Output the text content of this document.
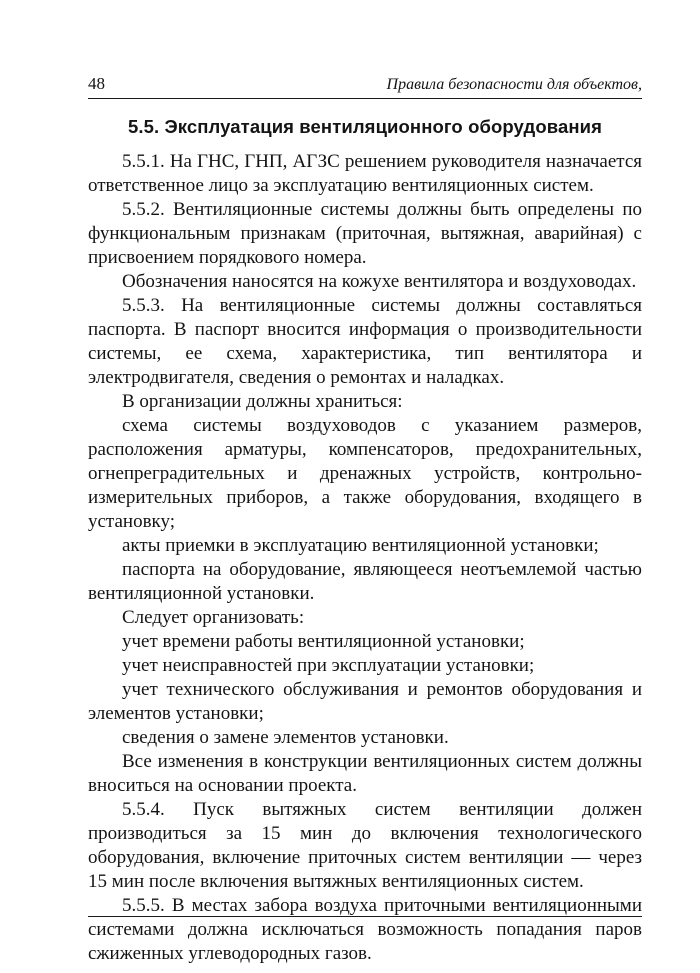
48	Правила безопасности для объектов,
5.5. Эксплуатация вентиляционного оборудования

5.5.1. На ГНС, ГНП, АГЗС решением руководителя назначается ответственное лицо за эксплуатацию вентиляционных систем.

5.5.2. Вентиляционные системы должны быть определены по функциональным признакам (приточная, вытяжная, аварийная) с присвоением порядкового номера.

Обозначения наносятся на кожухе вентилятора и воздуховодах.

5.5.3. На вентиляционные системы должны составляться паспорта. В паспорт вносится информация о производительности системы, ее схема, характеристика, тип вентилятора и электродвигателя, сведения о ремонтах и наладках.

В организации должны храниться:

схема системы воздуховодов с указанием размеров, расположения арматуры, компенсаторов, предохранительных, огнепреградительных и дренажных устройств, контрольно-измерительных приборов, а также оборудования, входящего в установку;

акты приемки в эксплуатацию вентиляционной установки;

паспорта на оборудование, являющееся неотъемлемой частью вентиляционной установки.

Следует организовать:

учет времени работы вентиляционной установки;

учет неисправностей при эксплуатации установки;

учет технического обслуживания и ремонтов оборудования и элементов установки;

сведения о замене элементов установки.

Все изменения в конструкции вентиляционных систем должны вноситься на основании проекта.

5.5.4. Пуск вытяжных систем вентиляции должен производиться за 15 мин до включения технологического оборудования, включение приточных систем вентиляции — через 15 мин после включения вытяжных вентиляционных систем.

5.5.5. В местах забора воздуха приточными вентиляционными системами должна исключаться возможность попадания паров сжиженных углеводородных газов.
